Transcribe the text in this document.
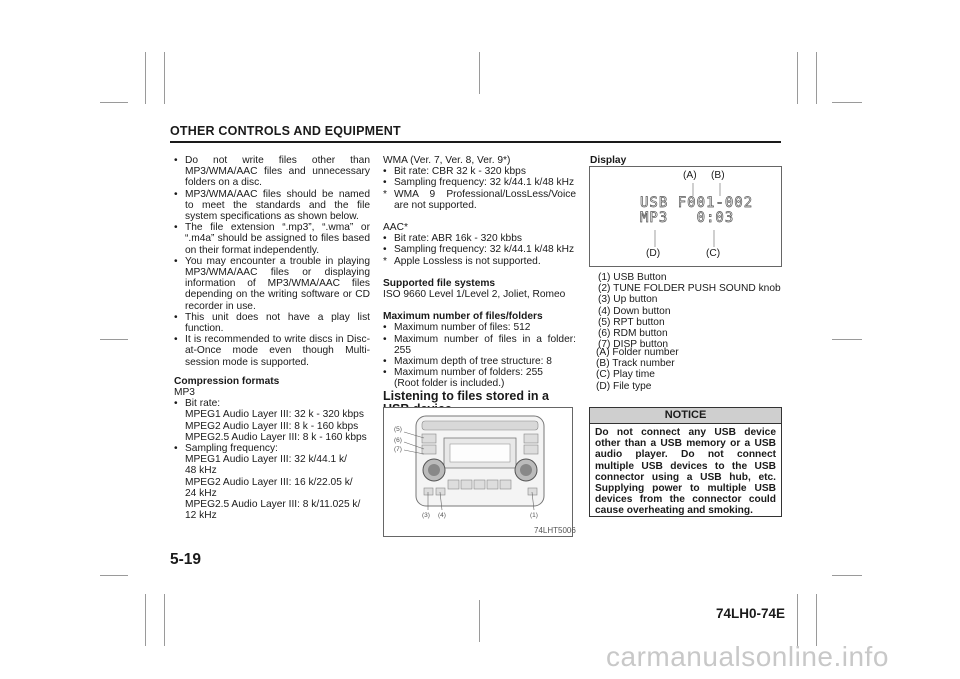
OTHER CONTROLS AND EQUIPMENT

• Do not write files other than MP3/WMA/AAC files and unnecessary folders on a disc.

• MP3/WMA/AAC files should be named to meet the standards and the file system specifications as shown below.

• The file extension “.mp3”, “.wma” or “.m4a” should be assigned to files based on their format independently.

• You may encounter a trouble in playing MP3/WMA/AAC files or displaying information of MP3/WMA/AAC files depending on the writing software or CD recorder in use.

• This unit does not have a play list function.

• It is recommended to write discs in Disc-at-Once mode even though Multi-session mode is supported.

Compression formats

MP3

• Bit rate:

MPEG1 Audio Layer III: 32 k - 320 kbps

MPEG2 Audio Layer III: 8 k - 160 kbps

MPEG2.5 Audio Layer III: 8 k - 160 kbps

• Sampling frequency:

MPEG1 Audio Layer III: 32 k/44.1 k/

48 kHz

MPEG2 Audio Layer III: 16 k/22.05 k/

24 kHz

MPEG2.5 Audio Layer III: 8 k/11.025 k/

12 kHz

WMA (Ver. 7, Ver. 8, Ver. 9*)

• Bit rate: CBR 32 k - 320 kbps

• Sampling frequency: 32 k/44.1 k/48 kHz

* WMA 9 Professional/LossLess/Voice are not supported.

AAC*

• Bit rate: ABR 16k - 320 kbbs

• Sampling frequency: 32 k/44.1 k/48 kHz

* Apple Lossless is not supported.

Supported file systems

ISO 9660 Level 1/Level 2, Joliet, Romeo

Maximum number of files/folders

• Maximum number of files: 512

• Maximum number of files in a folder: 255

• Maximum depth of tree structure: 8

• Maximum number of folders: 255

(Root folder is included.)

Listening to files stored in a

(5)
(6)
(7)
(3) (4)	(1)
74LHT5006

Display

(A) (B)
USB F001-002
MP3   0:03
(D)	(C)

(1) USB Button

(2) TUNE FOLDER PUSH SOUND knob

(3) Up button

(4) Down button

(5) RPT button

(6) RDM button

(7) DISP button

(A) Folder number

(B) Track number

(C) Play time

(D) File type

NOTICE
Do not connect any USB device other than a USB memory or a USB audio player. Do not connect multiple USB devices to the USB connector using a USB hub, etc. Supplying power to multiple USB devices from the connector could cause overheating and smoking.
5-19
74LH0-74E
carmanualsonline.info
